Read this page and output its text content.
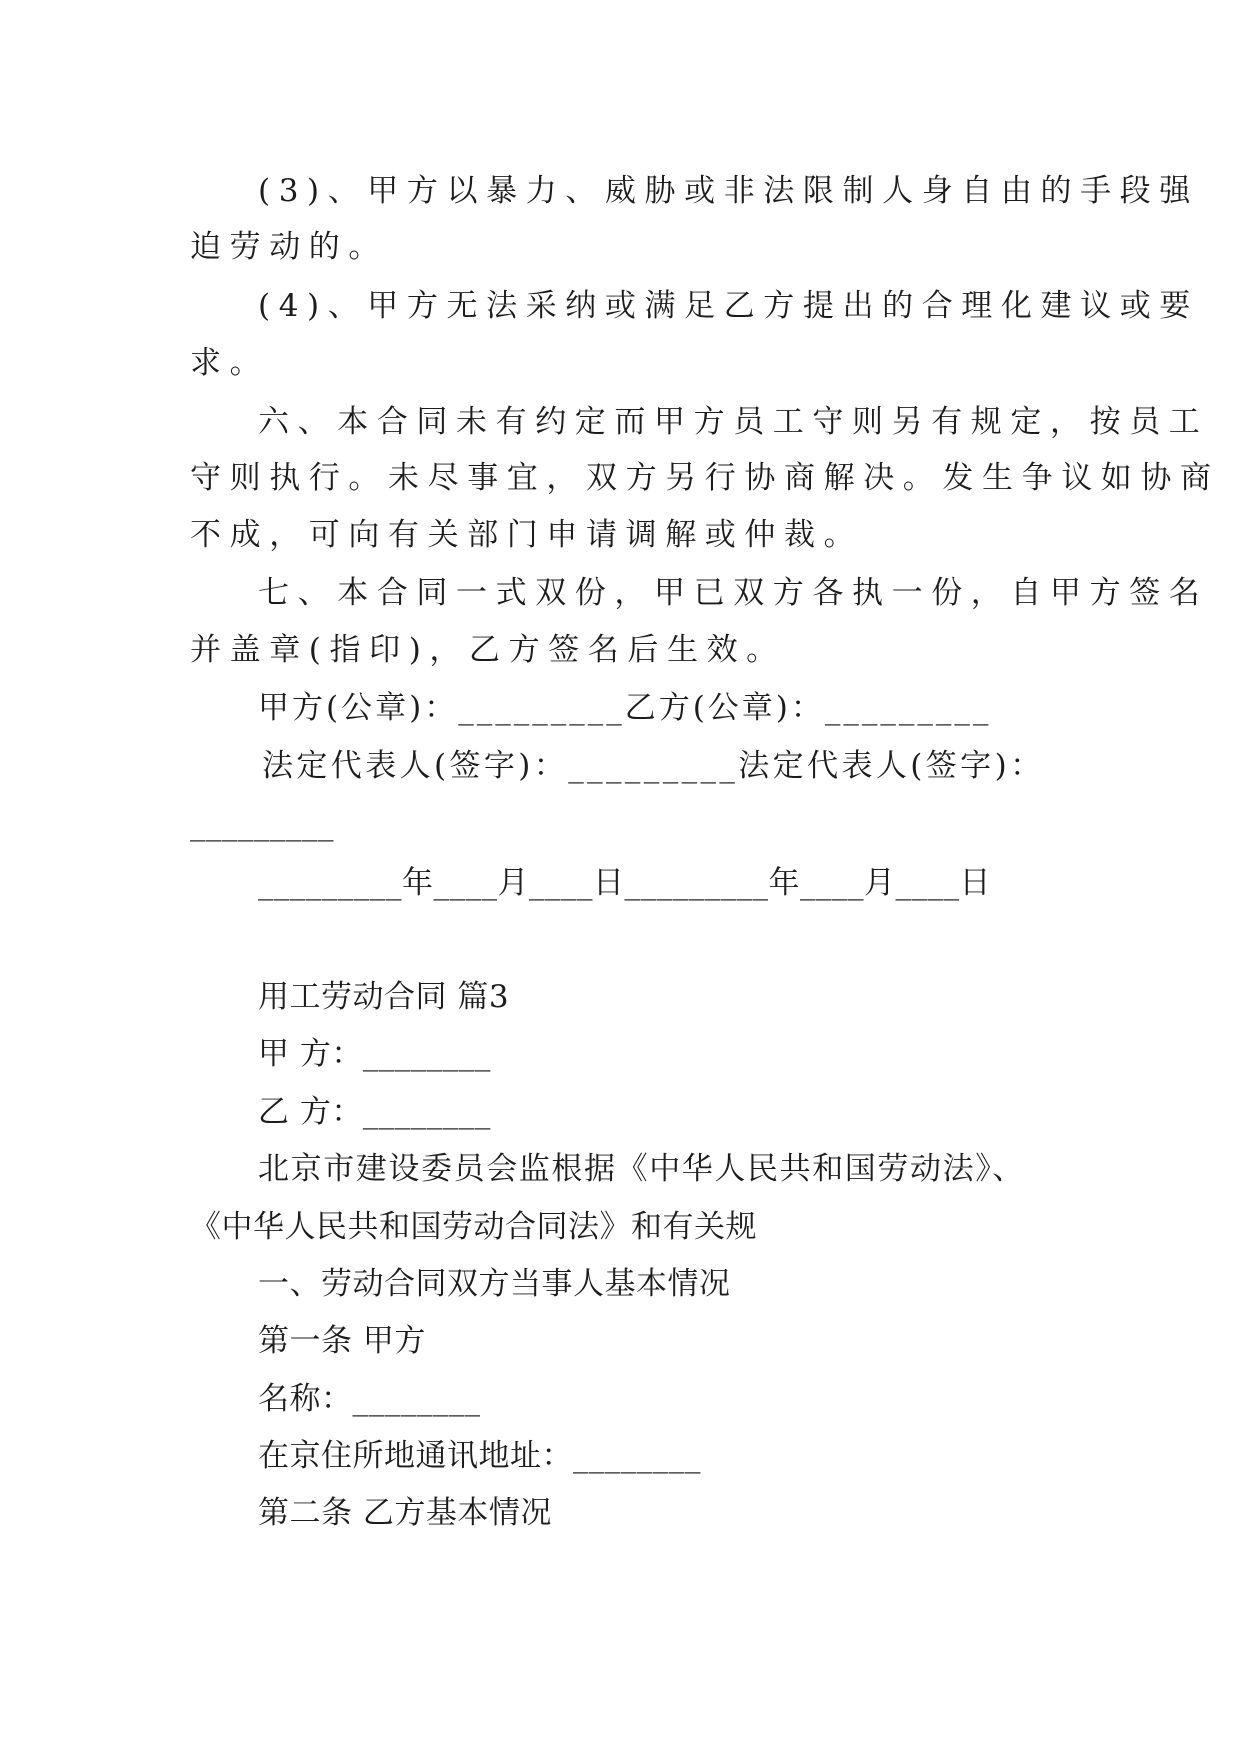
(3)、甲方以暴力、威胁或非法限制人身自由的手段强
迫劳动的。
(4)、甲方无法采纳或满足乙方提出的合理化建议或要
求。
六、本合同未有约定而甲方员工守则另有规定，按员工
守则执行。未尽事宜，双方另行协商解决。发生争议如协商
不成，可向有关部门申请调解或仲裁。
七、本合同一式双份，甲已双方各执一份，自甲方签名
并盖章(指印)，乙方签名后生效。
甲方(公章)：_________乙方(公章)：_________
法定代表人(签字)：_________法定代表人(签字)：
_________
_________年____月____日_________年____月____日
用工劳动合同 篇3
甲 方：________
乙 方：________
北京市建设委员会监根据《中华人民共和国劳动法》、
《中华人民共和国劳动合同法》和有关规
一、劳动合同双方当事人基本情况
第一条 甲方
名称：________
在京住所地通讯地址：________
第二条 乙方基本情况
